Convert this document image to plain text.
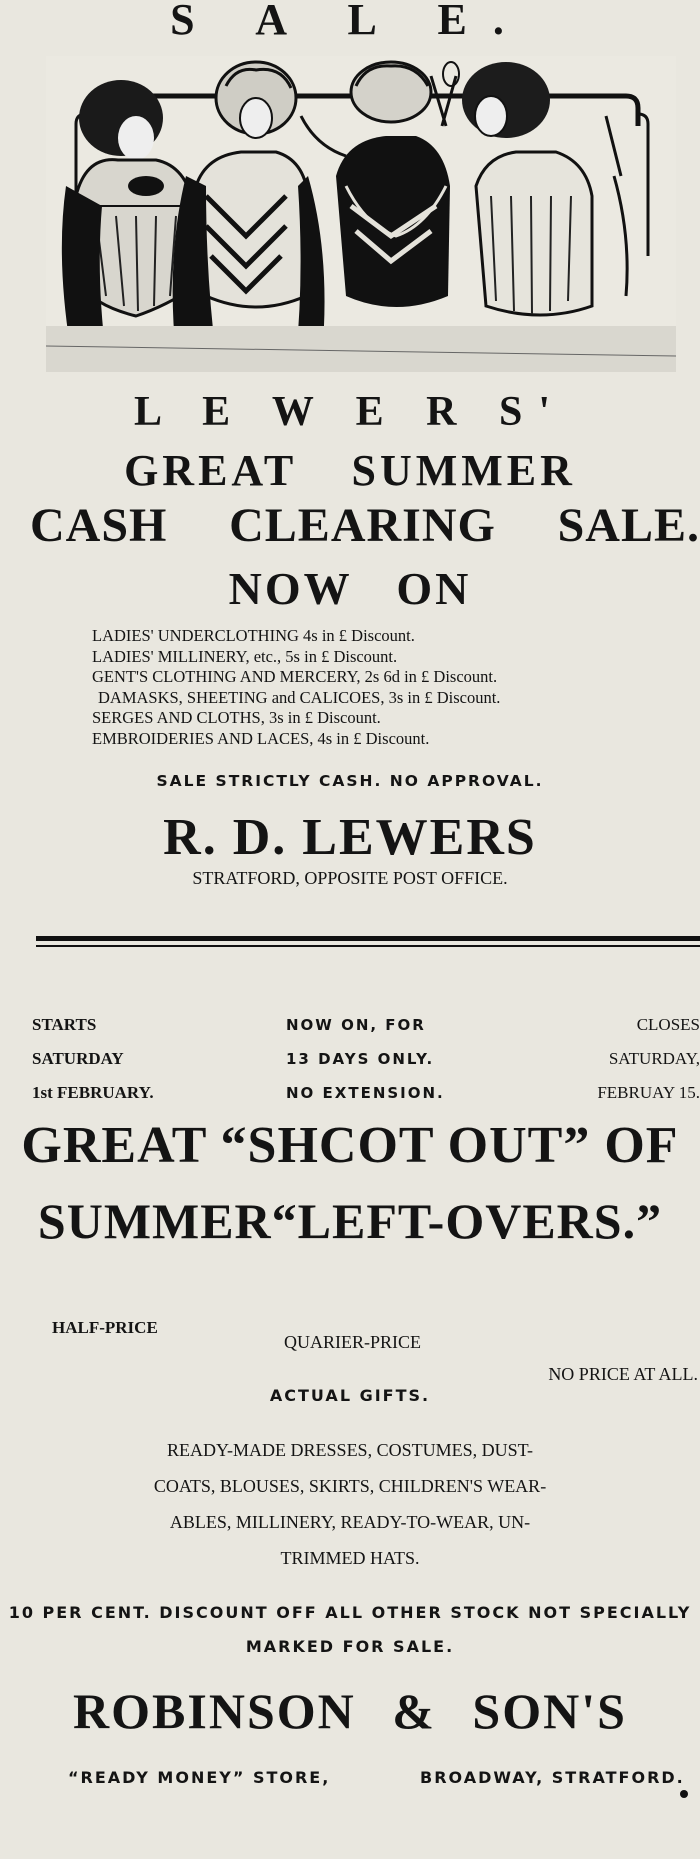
S A L E.
L E W E R S'
GREAT SUMMER
CASH CLEARING SALE.
NOW ON
LADIES' UNDERCLOTHING 4s in £ Discount.
LADIES' MILLINERY, etc., 5s in £ Discount.
GENT'S CLOTHING AND MERCERY, 2s 6d in £ Discount.
DAMASKS, SHEETING and CALICOES, 3s in £ Discount.
SERGES AND CLOTHS, 3s in £ Discount.
EMBROIDERIES AND LACES, 4s in £ Discount.
SALE STRICTLY CASH. NO APPROVAL.
R. D. LEWERS
STRATFORD, OPPOSITE POST OFFICE.
STARTS
SATURDAY
1st FEBRUARY.
NOW ON, FOR
13 DAYS ONLY.
NO EXTENSION.
CLOSES
SATURDAY,
FEBRUAY 15.
GREAT “SHCOT OUT” OF
SUMMER“LEFT-OVERS.”
HALF-PRICE
QUARIER-PRICE
NO PRICE AT ALL.
ACTUAL GIFTS.
READY-MADE DRESSES, COSTUMES, DUST-
COATS, BLOUSES, SKIRTS, CHILDREN'S WEAR-
ABLES, MILLINERY, READY-TO-WEAR, UN-
TRIMMED HATS.
10 PER CENT. DISCOUNT OFF ALL OTHER STOCK NOT SPECIALLY
MARKED FOR SALE.
ROBINSON & SON'S
“READY MONEY” STORE,	BROADWAY, STRATFORD.
